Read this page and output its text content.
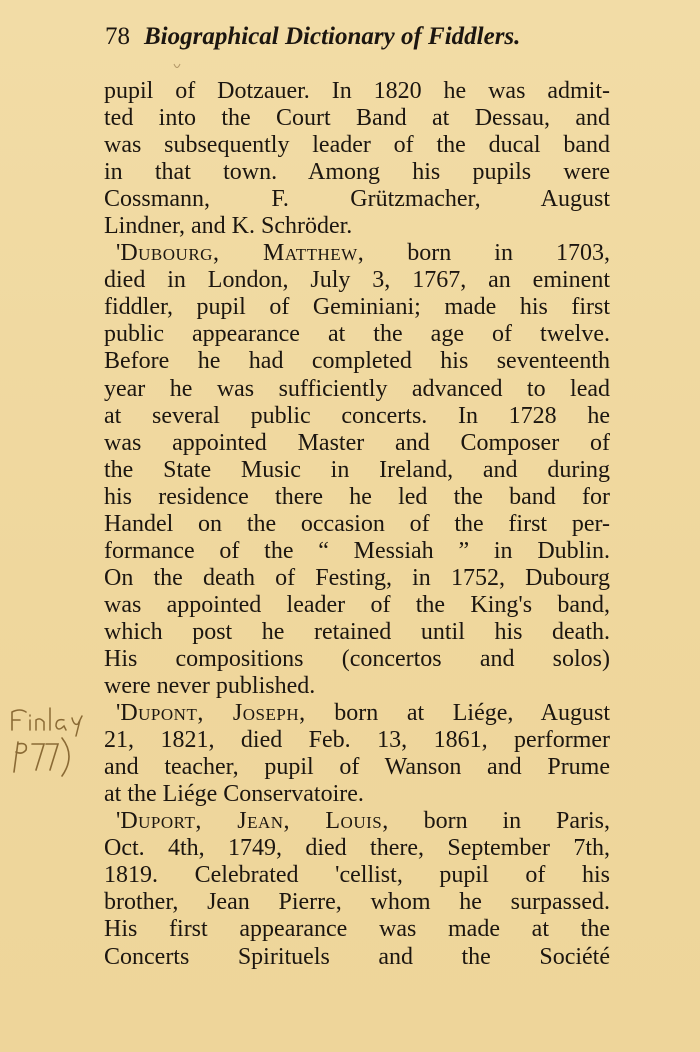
78 Biographical Dictionary of Fiddlers.
pupil of Dotzauer. In 1820 he was admit-
ted into the Court Band at Dessau, and
was subsequently leader of the ducal band
in that town. Among his pupils were
Cossmann, F. Grützmacher, August
Lindner, and K. Schröder.
'Dubourg, Matthew, born in 1703,
died in London, July 3, 1767, an eminent
fiddler, pupil of Geminiani; made his first
public appearance at the age of twelve.
Before he had completed his seventeenth
year he was sufficiently advanced to lead
at several public concerts. In 1728 he
was appointed Master and Composer of
the State Music in Ireland, and during
his residence there he led the band for
Handel on the occasion of the first per-
formance of the “ Messiah ” in Dublin.
On the death of Festing, in 1752, Dubourg
was appointed leader of the King's band,
which post he retained until his death.
His compositions (concertos and solos)
were never published.
'Dupont, Joseph, born at Liége, August
21, 1821, died Feb. 13, 1861, performer
and teacher, pupil of Wanson and Prume
at the Liége Conservatoire.
'Duport, Jean, Louis, born in Paris,
Oct. 4th, 1749, died there, September 7th,
1819. Celebrated 'cellist, pupil of his
brother, Jean Pierre, whom he surpassed.
His first appearance was made at the
Concerts Spirituels and the Société
